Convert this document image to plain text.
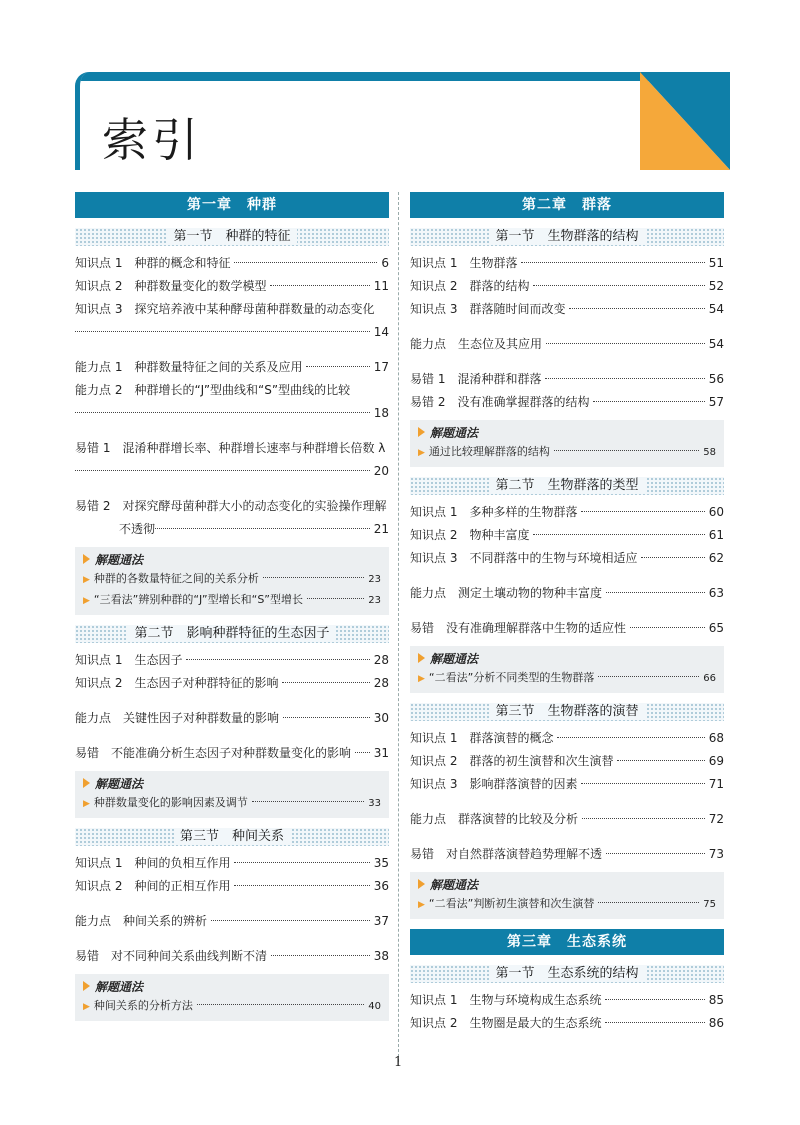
索引
第一章　种群
第一节　种群的特征
知识点 1 种群的概念和特征	6
知识点 2 种群数量变化的数学模型	11
知识点 3 探究培养液中某种酵母菌种群数量的动态变化
14
能力点 1 种群数量特征之间的关系及应用	17
能力点 2 种群增长的“J”型曲线和“S”型曲线的比较
18
易错 1 混淆种群增长率、种群增长速率与种群增长倍数 λ
20
易错 2 对探究酵母菌种群大小的动态变化的实验操作理解
不透彻	21
解题通法
▶ 种群的各数量特征之间的关系分析	23
▶ “三看法”辨别种群的“J”型增长和“S”型增长	23
第二节　影响种群特征的生态因子
知识点 1 生态因子	28
知识点 2 生态因子对种群特征的影响	28
能力点 关键性因子对种群数量的影响	30
易错 不能准确分析生态因子对种群数量变化的影响 31
解题通法
▶ 种群数量变化的影响因素及调节	33
第三节　种间关系
知识点 1 种间的负相互作用	35
知识点 2 种间的正相互作用	36
能力点 种间关系的辨析	37
易错 对不同种间关系曲线判断不清	38
解题通法
▶ 种间关系的分析方法	40
第二章　群落
第一节　生物群落的结构
知识点 1 生物群落	51
知识点 2 群落的结构	52
知识点 3 群落随时间而改变	54
能力点 生态位及其应用	54
易错 1 混淆种群和群落	56
易错 2 没有准确掌握群落的结构	57
解题通法
▶ 通过比较理解群落的结构	58
第二节　生物群落的类型
知识点 1 多种多样的生物群落	60
知识点 2 物种丰富度	61
知识点 3 不同群落中的生物与环境相适应	62
能力点 测定土壤动物的物种丰富度	63
易错 没有准确理解群落中生物的适应性	65
解题通法
▶ “二看法”分析不同类型的生物群落	66
第三节　生物群落的演替
知识点 1 群落演替的概念	68
知识点 2 群落的初生演替和次生演替	69
知识点 3 影响群落演替的因素	71
能力点 群落演替的比较及分析	72
易错 对自然群落演替趋势理解不透	73
解题通法
▶ “二看法”判断初生演替和次生演替	75
第三章　生态系统
第一节　生态系统的结构
知识点 1 生物与环境构成生态系统	85
知识点 2 生物圈是最大的生态系统	86
1
